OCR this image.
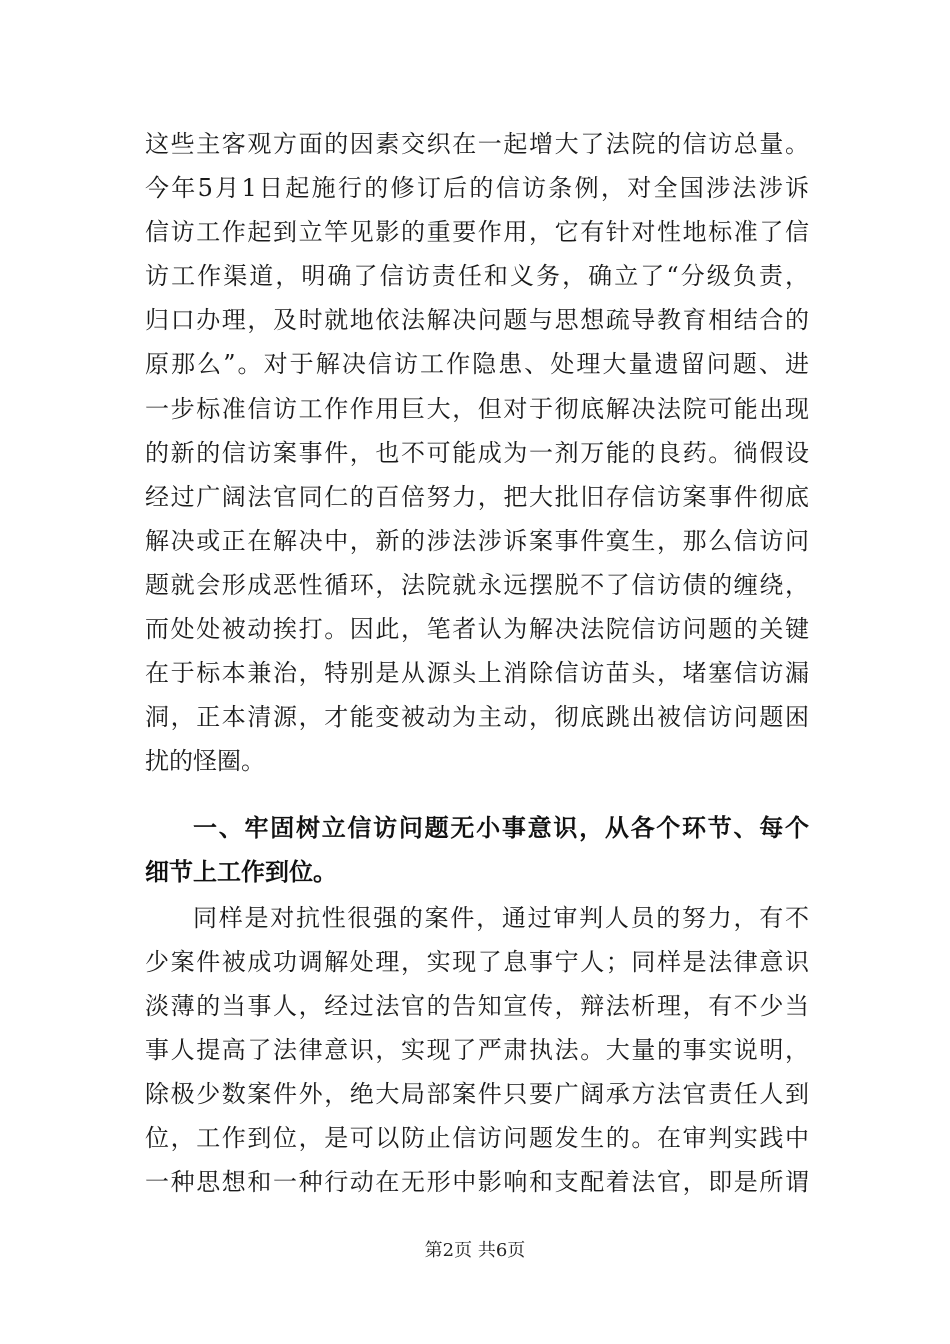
这些主客观方面的因素交织在一起增大了法院的信访总量。
今年5月1日起施行的修订后的信访条例，对全国涉法涉诉
信访工作起到立竿见影的重要作用，它有针对性地标准了信
访工作渠道，明确了信访责任和义务，确立了“分级负责，
归口办理，及时就地依法解决问题与思想疏导教育相结合的
原那么”。对于解决信访工作隐患、处理大量遗留问题、进
一步标准信访工作作用巨大，但对于彻底解决法院可能出现
的新的信访案事件，也不可能成为一剂万能的良药。徜假设
经过广阔法官同仁的百倍努力，把大批旧存信访案事件彻底
解决或正在解决中，新的涉法涉诉案事件寞生，那么信访问
题就会形成恶性循环，法院就永远摆脱不了信访债的缠绕，
而处处被动挨打。因此，笔者认为解决法院信访问题的关键
在于标本兼治，特别是从源头上消除信访苗头，堵塞信访漏
洞，正本清源，才能变被动为主动，彻底跳出被信访问题困
扰的怪圈。
一、牢固树立信访问题无小事意识，从各个环节、每个
细节上工作到位。
同样是对抗性很强的案件，通过审判人员的努力，有不
少案件被成功调解处理，实现了息事宁人；同样是法律意识
淡薄的当事人，经过法官的告知宣传，辩法析理，有不少当
事人提高了法律意识，实现了严肃执法。大量的事实说明，
除极少数案件外，绝大局部案件只要广阔承方法官责任人到
位，工作到位，是可以防止信访问题发生的。在审判实践中
一种思想和一种行动在无形中影响和支配着法官，即是所谓
第2页 共6页
